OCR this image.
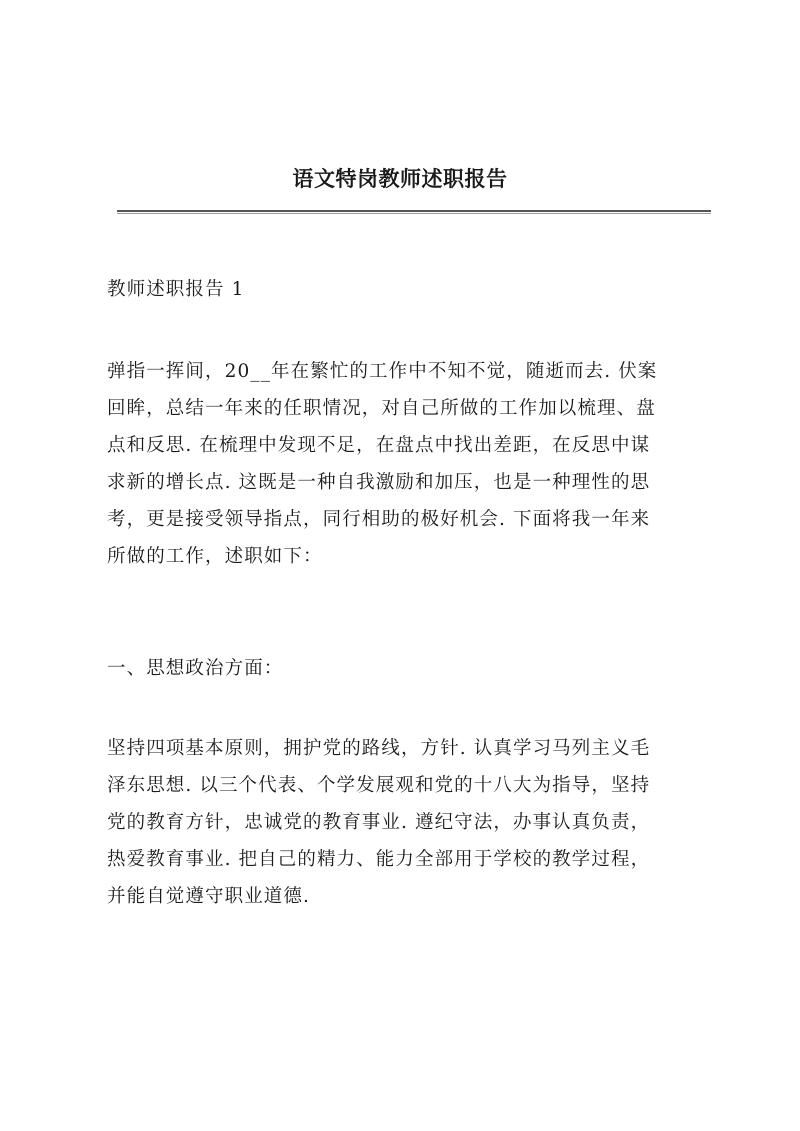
语文特岗教师述职报告

教师述职报告 1

弹指一挥间，20__年在繁忙的工作中不知不觉，随逝而去. 伏案
回眸，总结一年来的任职情况，对自己所做的工作加以梳理、盘
点和反思. 在梳理中发现不足，在盘点中找出差距，在反思中谋
求新的增长点. 这既是一种自我激励和加压，也是一种理性的思
考，更是接受领导指点，同行相助的极好机会. 下面将我一年来
所做的工作，述职如下：

一、思想政治方面：

坚持四项基本原则，拥护党的路线，方针. 认真学习马列主义毛
泽东思想. 以三个代表、个学发展观和党的十八大为指导，坚持
党的教育方针，忠诚党的教育事业. 遵纪守法，办事认真负责，
热爱教育事业. 把自己的精力、能力全部用于学校的教学过程，
并能自觉遵守职业道德.
